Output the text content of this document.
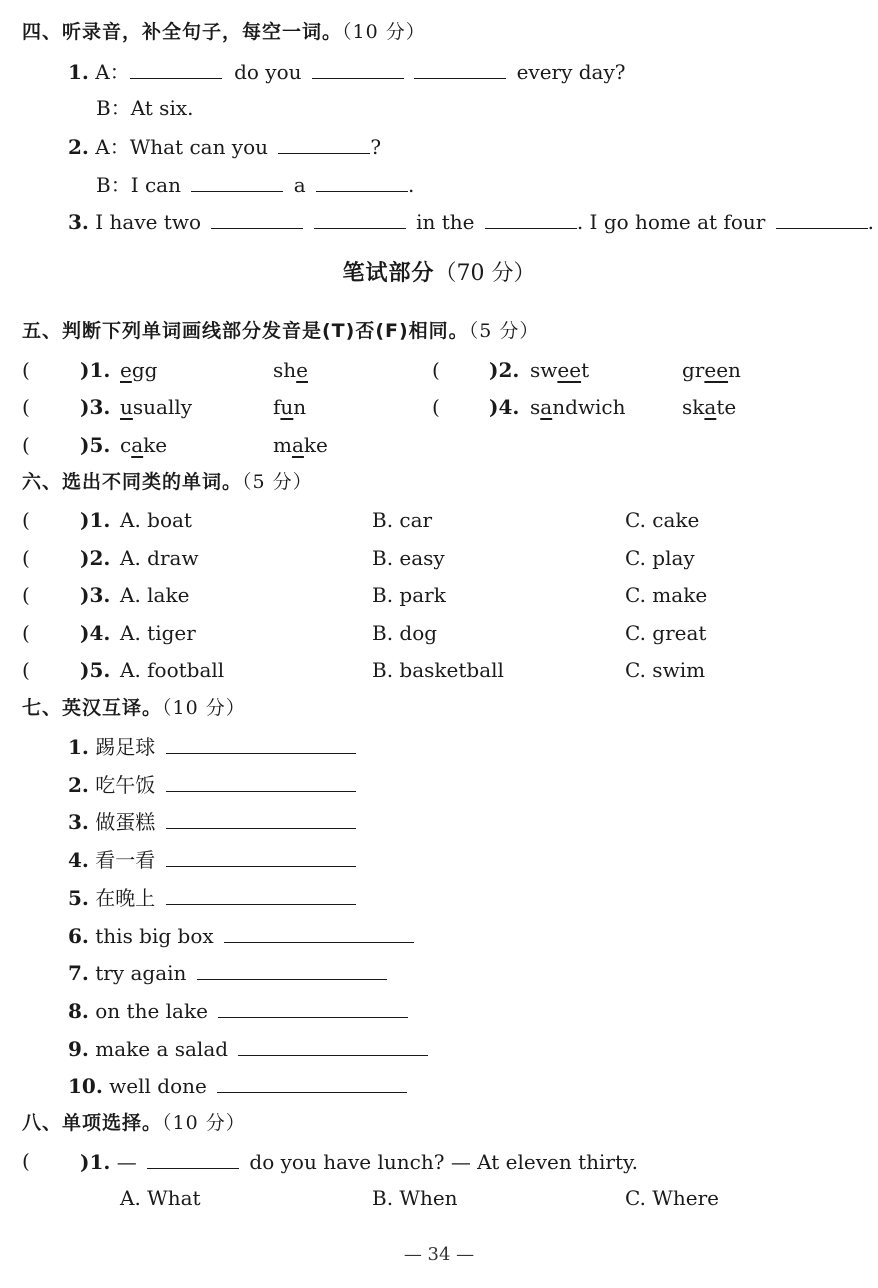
四、听录音，补全句子，每空一词。（10 分）
1. A：	do you	every day?
B：At six.
2. A：What can you	?
B：I can	a	.
3. I have two	in the	. I go home at four	.
笔试部分（70 分）
五、判断下列单词画线部分发音是(T)否(F)相同。（5 分）
(	)1. egg	she	( )2. sweet	green
(	)3. usually	fun	( )4. sandwich	skate
(	)5. cake	make
六、选出不同类的单词。（5 分）
(	)1. A. boat	B. car	C. cake
(	)2. A. draw	B. easy	C. play
(	)3. A. lake	B. park	C. make
(	)4. A. tiger	B. dog	C. great
(	)5. A. football	B. basketball	C. swim
七、英汉互译。（10 分）
1. 踢足球
2. 吃午饭
3. 做蛋糕
4. 看一看
5. 在晚上
6. this big box
7. try again
8. on the lake
9. make a salad
10. well done
八、单项选择。（10 分）
(	)1. —	do you have lunch? — At eleven thirty.
A. What	B. When	C. Where
— 34 —
